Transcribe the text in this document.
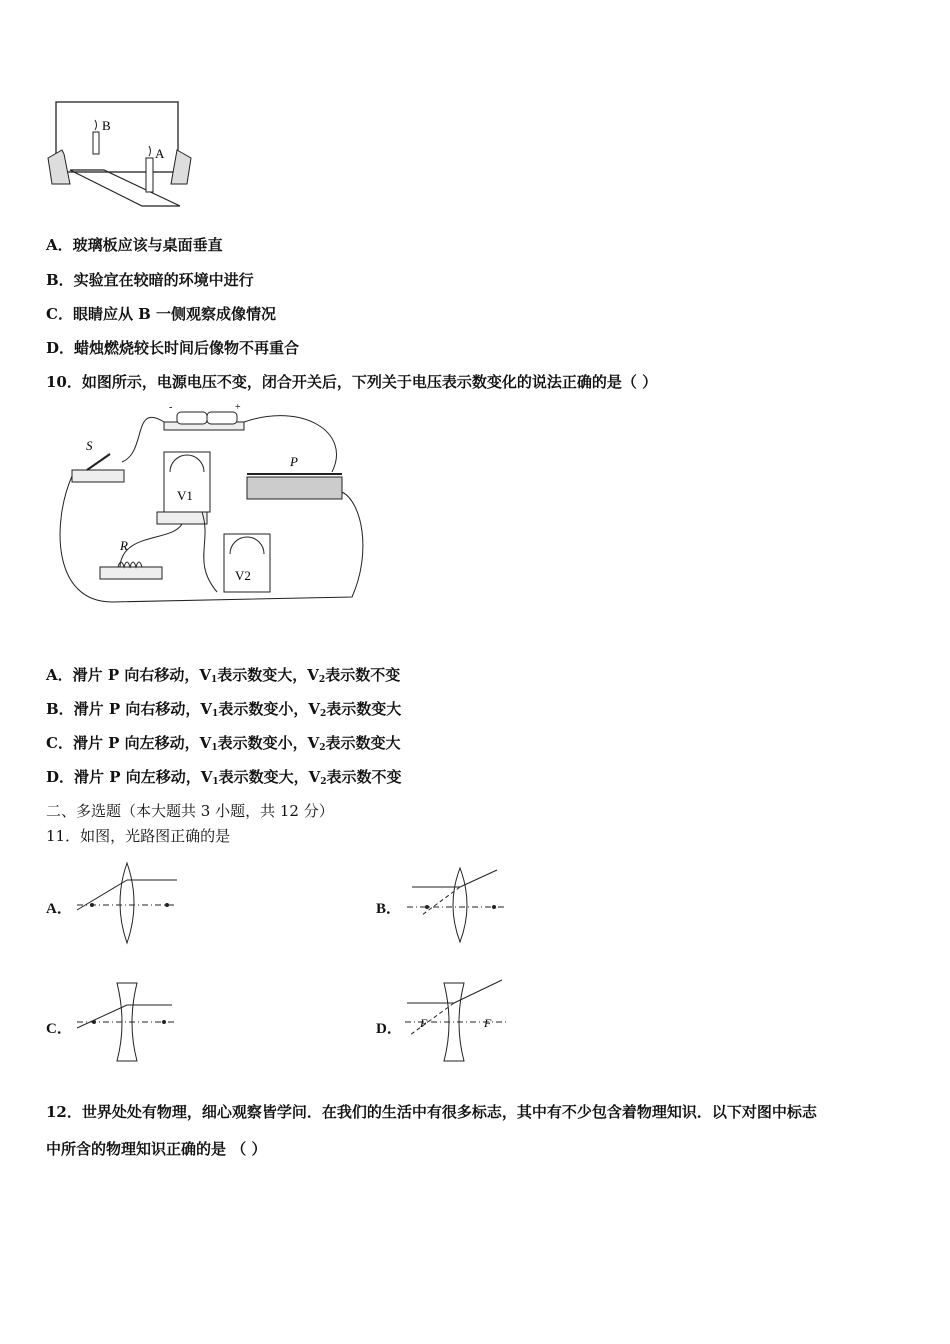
B
A
A．玻璃板应该与桌面垂直
B．实验宜在较暗的环境中进行
C．眼睛应从 B 一侧观察成像情况
D．蜡烛燃烧较长时间后像物不再重合
10．如图所示，电源电压不变，闭合开关后，下列关于电压表示数变化的说法正确的是（ ）
-	+
S
V1
P
R
V2
A．滑片 P 向右移动，$V_1$表示数变大，$V_2$表示数不变
B．滑片 P 向右移动，$V_1$表示数变小，$V_2$表示数变大
C．滑片 P 向左移动，$V_1$表示数变小，$V_2$表示数变大
D．滑片 P 向左移动，$V_1$表示数变大，$V_2$表示数不变
二、多选题（本大题共 3 小题，共 12 分）
11．如图，光路图正确的是
A．	B．
C．	D． F	F
12．世界处处有物理，细心观察皆学问．在我们的生活中有很多标志，其中有不少包含着物理知识．以下对图中标志
中所含的物理知识正确的是 （ ）
